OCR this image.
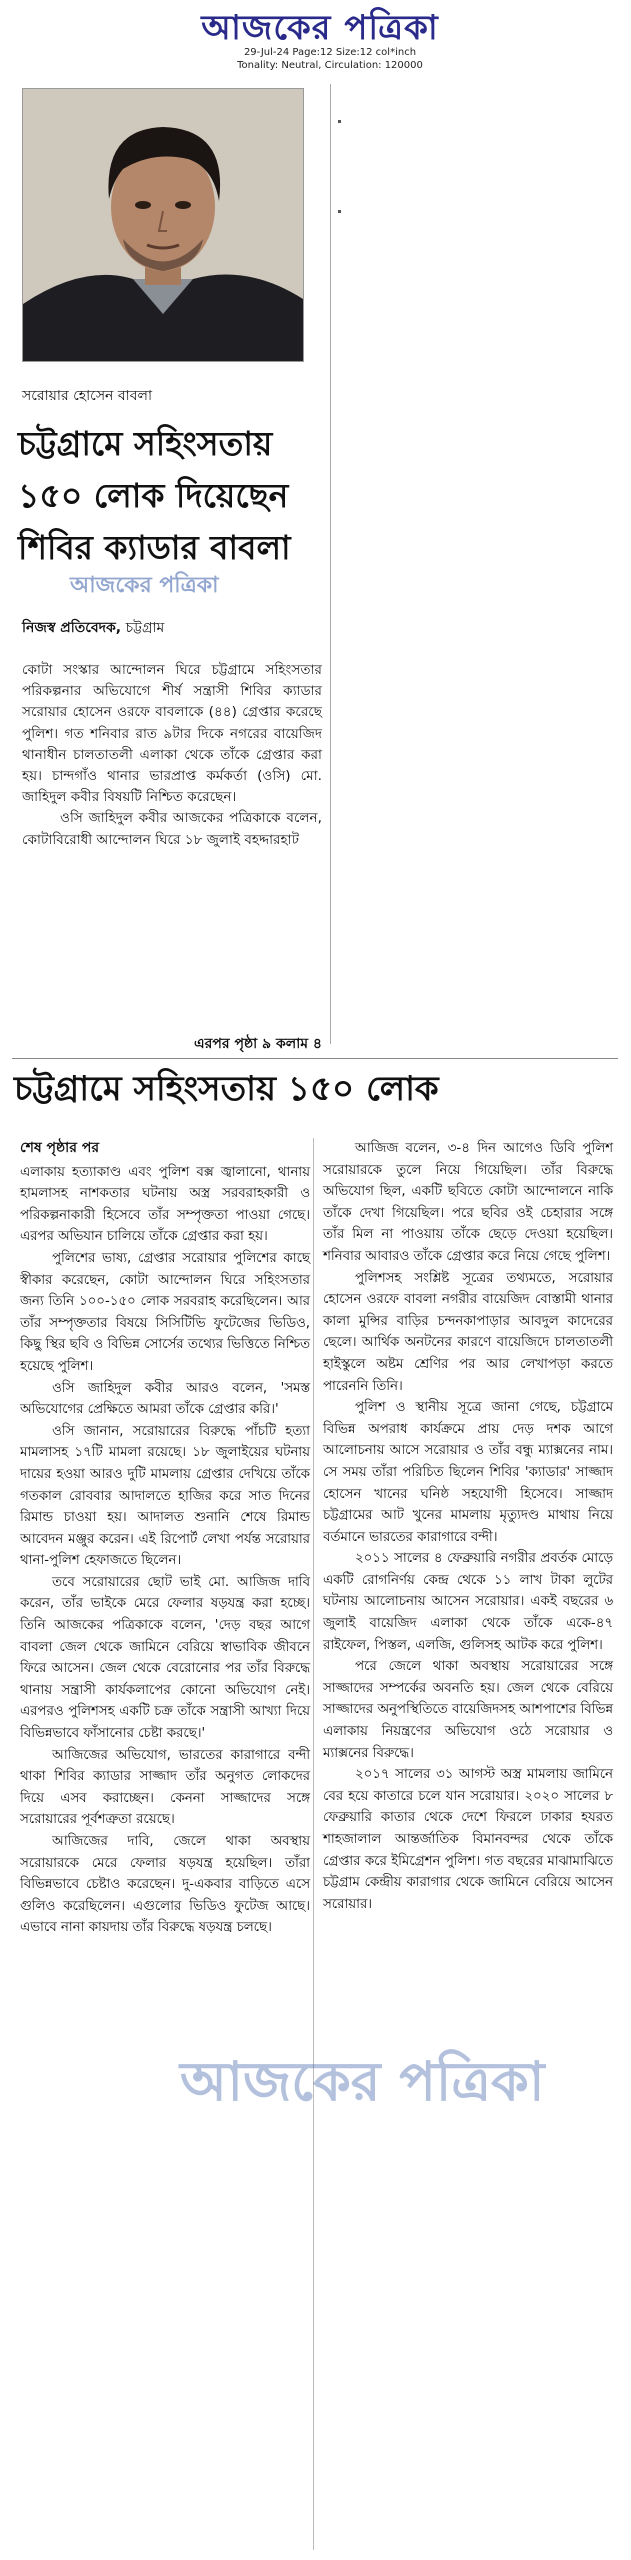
আজকের পত্রিকা
29-Jul-24 Page:12 Size:12 col*inch
Tonality: Neutral, Circulation: 120000
সরোয়ার হোসেন বাবলা
চট্টগ্রামে সহিংসতায় ১৫০ লোক দিয়েছেন শিবির ক্যাডার বাবলা
আজকের পত্রিকা
নিজস্ব প্রতিবেদক, চট্টগ্রাম

কোটা সংস্কার আন্দোলন ঘিরে চট্টগ্রামে সহিংসতার পরিকল্পনার অভিযোগে শীর্ষ সন্ত্রাসী শিবির ক্যাডার সরোয়ার হোসেন ওরফে বাবলাকে (৪৪) গ্রেপ্তার করেছে পুলিশ। গত শনিবার রাত ৯টার দিকে নগরের বায়েজিদ থানাধীন চালতাতলী এলাকা থেকে তাঁকে গ্রেপ্তার করা হয়। চান্দগাঁও থানার ভারপ্রাপ্ত কর্মকর্তা (ওসি) মো. জাহিদুল কবীর বিষয়টি নিশ্চিত করেছেন।

ওসি জাহিদুল কবীর আজকের পত্রিকাকে বলেন, কোটাবিরোধী আন্দোলন ঘিরে ১৮ জুলাই বহদ্দারহাট

এরপর পৃষ্ঠা ৯ কলাম ৪
চট্টগ্রামে সহিংসতায় ১৫০ লোক
শেষ পৃষ্ঠার পর

এলাকায় হত্যাকাণ্ড এবং পুলিশ বক্স জ্বালানো, থানায় হামলাসহ নাশকতার ঘটনায় অস্ত্র সরবরাহকারী ও পরিকল্পনাকারী হিসেবে তাঁর সম্পৃক্ততা পাওয়া গেছে। এরপর অভিযান চালিয়ে তাঁকে গ্রেপ্তার করা হয়।

পুলিশের ভাষ্য, গ্রেপ্তার সরোয়ার পুলিশের কাছে স্বীকার করেছেন, কোটা আন্দোলন ঘিরে সহিংসতার জন্য তিনি ১০০-১৫০ লোক সরবরাহ করেছিলেন। আর তাঁর সম্পৃক্ততার বিষয়ে সিসিটিভি ফুটেজের ভিডিও, কিছু স্থির ছবি ও বিভিন্ন সোর্সের তথ্যের ভিত্তিতে নিশ্চিত হয়েছে পুলিশ।

ওসি জাহিদুল কবীর আরও বলেন, 'সমস্ত অভিযোগের প্রেক্ষিতে আমরা তাঁকে গ্রেপ্তার করি।'

ওসি জানান, সরোয়ারের বিরুদ্ধে পাঁচটি হত্যা মামলাসহ ১৭টি মামলা রয়েছে। ১৮ জুলাইয়ের ঘটনায় দায়ের হওয়া আরও দুটি মামলায় গ্রেপ্তার দেখিয়ে তাঁকে গতকাল রোববার আদালতে হাজির করে সাত দিনের রিমান্ড চাওয়া হয়। আদালত শুনানি শেষে রিমান্ড আবেদন মঞ্জুর করেন। এই রিপোর্ট লেখা পর্যন্ত সরোয়ার থানা-পুলিশ হেফাজতে ছিলেন।

তবে সরোয়ারের ছোট ভাই মো. আজিজ দাবি করেন, তাঁর ভাইকে মেরে ফেলার ষড়যন্ত্র করা হচ্ছে। তিনি আজকের পত্রিকাকে বলেন, 'দেড় বছর আগে বাবলা জেল থেকে জামিনে বেরিয়ে স্বাভাবিক জীবনে ফিরে আসেন। জেল থেকে বেরোনোর পর তাঁর বিরুদ্ধে থানায় সন্ত্রাসী কার্যকলাপের কোনো অভিযোগ নেই। এরপরও পুলিশসহ একটি চক্র তাঁকে সন্ত্রাসী আখ্যা দিয়ে বিভিন্নভাবে ফাঁসানোর চেষ্টা করছে।'

আজিজের অভিযোগ, ভারতের কারাগারে বন্দী থাকা শিবির ক্যাডার সাজ্জাদ তাঁর অনুগত লোকদের দিয়ে এসব করাচ্ছেন। কেননা সাজ্জাদের সঙ্গে সরোয়ারের পূর্বশত্রুতা রয়েছে।

আজিজের দাবি, জেলে থাকা অবস্থায় সরোয়ারকে মেরে ফেলার ষড়যন্ত্র হয়েছিল। তাঁরা বিভিন্নভাবে চেষ্টাও করেছেন। দু-একবার বাড়িতে এসে গুলিও করেছিলেন। এগুলোর ভিডিও ফুটেজ আছে। এভাবে নানা কায়দায় তাঁর বিরুদ্ধে ষড়যন্ত্র চলছে।

আজিজ বলেন, ৩-৪ দিন আগেও ডিবি পুলিশ সরোয়ারকে তুলে নিয়ে গিয়েছিল। তাঁর বিরুদ্ধে অভিযোগ ছিল, একটি ছবিতে কোটা আন্দোলনে নাকি তাঁকে দেখা গিয়েছিল। পরে ছবির ওই চেহারার সঙ্গে তাঁর মিল না পাওয়ায় তাঁকে ছেড়ে দেওয়া হয়েছিল। শনিবার আবারও তাঁকে গ্রেপ্তার করে নিয়ে গেছে পুলিশ।

পুলিশসহ সংশ্লিষ্ট সূত্রের তথ্যমতে, সরোয়ার হোসেন ওরফে বাবলা নগরীর বায়েজিদ বোস্তামী থানার কালা মুন্সির বাড়ির চন্দনকাপাড়ার আবদুল কাদেরের ছেলে। আর্থিক অনটনের কারণে বায়েজিদে চালতাতলী হাইস্কুলে অষ্টম শ্রেণির পর আর লেখাপড়া করতে পারেননি তিনি।

পুলিশ ও স্থানীয় সূত্রে জানা গেছে, চট্টগ্রামে বিভিন্ন অপরাধ কার্যক্রমে প্রায় দেড় দশক আগে আলোচনায় আসে সরোয়ার ও তাঁর বন্ধু ম্যাক্সনের নাম। সে সময় তাঁরা পরিচিত ছিলেন শিবির 'ক্যাডার' সাজ্জাদ হোসেন খানের ঘনিষ্ঠ সহযোগী হিসেবে। সাজ্জাদ চট্টগ্রামের আট খুনের মামলায় মৃত্যুদণ্ড মাথায় নিয়ে বর্তমানে ভারতের কারাগারে বন্দী।

২০১১ সালের ৪ ফেব্রুয়ারি নগরীর প্রবর্তক মোড়ে একটি রোগনির্ণয় কেন্দ্র থেকে ১১ লাখ টাকা লুটের ঘটনায় আলোচনায় আসেন সরোয়ার। একই বছরের ৬ জুলাই বায়েজিদ এলাকা থেকে তাঁকে একে-৪৭ রাইফেল, পিস্তল, এলজি, গুলিসহ আটক করে পুলিশ।

পরে জেলে থাকা অবস্থায় সরোয়ারের সঙ্গে সাজ্জাদের সম্পর্কের অবনতি হয়। জেল থেকে বেরিয়ে সাজ্জাদের অনুপস্থিতিতে বায়েজিদসহ আশপাশের বিভিন্ন এলাকায় নিয়ন্ত্রণের অভিযোগ ওঠে সরোয়ার ও ম্যাক্সনের বিরুদ্ধে।

২০১৭ সালের ৩১ আগস্ট অস্ত্র মামলায় জামিনে বের হয়ে কাতারে চলে যান সরোয়ার। ২০২০ সালের ৮ ফেব্রুয়ারি কাতার থেকে দেশে ফিরলে ঢাকার হযরত শাহজালাল আন্তর্জাতিক বিমানবন্দর থেকে তাঁকে গ্রেপ্তার করে ইমিগ্রেশন পুলিশ। গত বছরের মাঝামাঝিতে চট্টগ্রাম কেন্দ্রীয় কারাগার থেকে জামিনে বেরিয়ে আসেন সরোয়ার।

আজকের পত্রিকা
